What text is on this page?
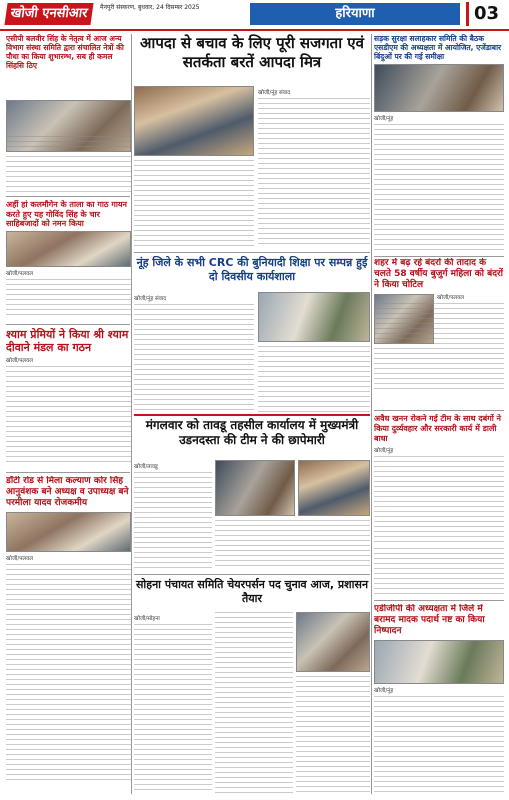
खोजी एनसीआर	मैनपुरी संस्करण, बुधवार, 24 दिसम्बर 2025	हरियाणा	03
एसीपी बलवीर सिंह के नेतृत्व में आज अन्य विभाग संस्था समिति द्वारा संचालित नेत्रों की पौधा का किया शुभारम्भ, सब ही कमल सिंहसि ठिए
आपदा से बचाव के लिए पूरी सजगता एवं सतर्कता बरतें आपदा मित्र
खोजी/नूंह संवाद
सड़क सुरक्षा सलाहकार समिति की बैठक एसडीएम की अध्यक्षता में आयोजित, एजेंडाबार बिंदुओं पर की गई समीक्षा
खोजी/नूंह
अहीं हां कलमौगेन के ताला का गाठ गायन करते हुए यह गोविंद सिंह के चार साहिबजादों को नमन किया
खोजी/पलवल
नूंह जिले के सभी CRC की बुनियादी शिक्षा पर सम्पन्न हुई दो दिवसीय कार्यशाला
खोजी/नूंह संवाद
शहर में बढ़ रहे बंदरों की तादाद के चलते 58 वर्षीय बुजुर्ग महिला को बंदरों ने किया चोटिल
खोजी/पलवल
श्याम प्रेमियों ने किया श्री श्याम दीवाने मंडल का गठन
खोजी/पलवल
अवैध खनन रोकने गई टीम के साथ दबंगों ने किया दुर्व्यवहार और सरकारी कार्य में डाली बाधा
खोजी/नूंह
मंगलवार को तावडू तहसील कार्यालय में मुख्यमंत्री उडनदस्ता की टीम ने की छापेमारी
खोजी/तावडू
डॉटी रोड से मिला कल्याण कोर सिंह आनुवंशक बने अध्यक्ष व उपाध्यक्ष बने परमीला यादव रोजकमीय
खोजी/पलवल
सोहना पंचायत समिति चेयरपर्सन पद चुनाव आज, प्रशासन तैयार
खोजी/सोहना
एडीजीपी की अध्यक्षता में जिले में बरामद मादक पदार्थ नष्ट का किया निष्पादन
खोजी/नूंह
